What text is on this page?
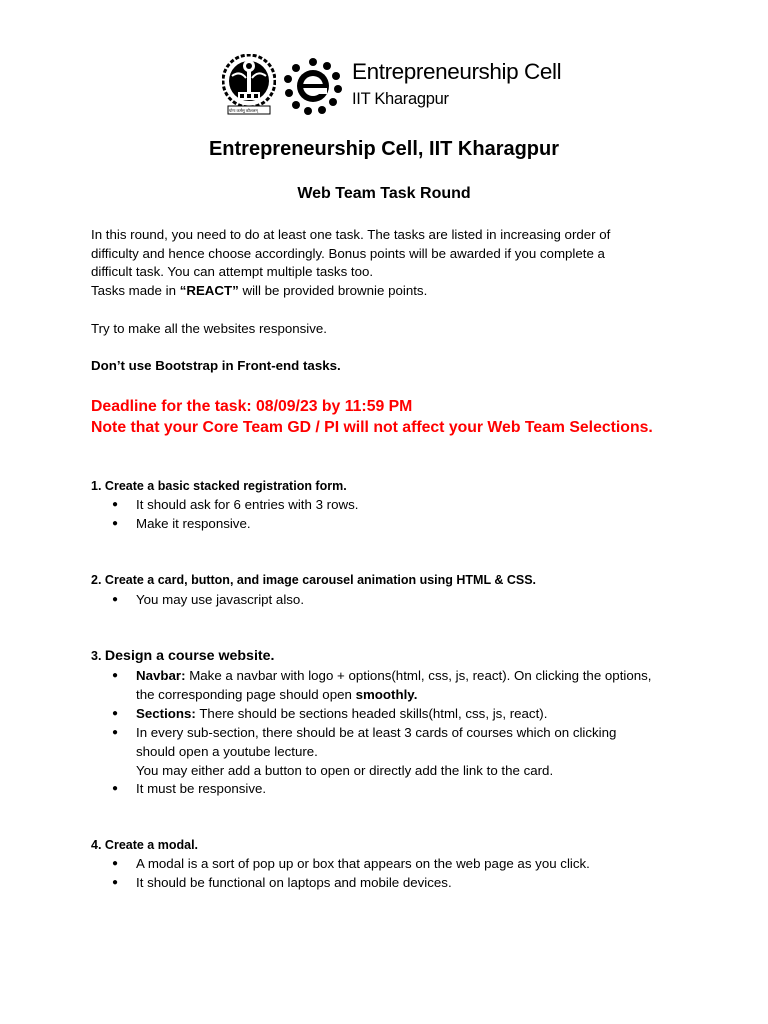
योगः कर्मसु कौशलम्
Entrepreneurship Cell
IIT Kharagpur
Entrepreneurship Cell, IIT Kharagpur
Web Team Task Round
In this round, you need to do at least one task. The tasks are listed in increasing order of
difficulty and hence choose accordingly. Bonus points will be awarded if you complete a
difficult task. You can attempt multiple tasks too.
Tasks made in “REACT” will be provided brownie points.
Try to make all the websites responsive.
Don’t use Bootstrap in Front-end tasks.
Deadline for the task: 08/09/23 by 11:59 PM
Note that your Core Team GD / PI will not affect your Web Team Selections.
1. Create a basic stacked registration form.
● It should ask for 6 entries with 3 rows.
● Make it responsive.
2. Create a card, button, and image carousel animation using HTML & CSS.
● You may use javascript also.
3. Design a course website.
● Navbar: Make a navbar with logo + options(html, css, js, react). On clicking the options,
the corresponding page should open smoothly.
● Sections: There should be sections headed skills(html, css, js, react).
● In every sub-section, there should be at least 3 cards of courses which on clicking
should open a youtube lecture.
You may either add a button to open or directly add the link to the card.
● It must be responsive.
4. Create a modal.
● A modal is a sort of pop up or box that appears on the web page as you click.
● It should be functional on laptops and mobile devices.
